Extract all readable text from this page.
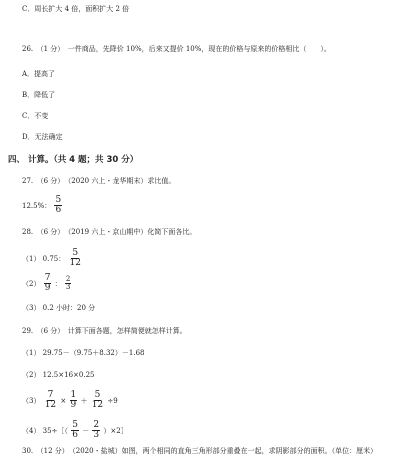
C．周长扩大 4 倍，面积扩大 2 倍
26.　（1 分）　一件商品，先降价 10%，后来又提价 10%，现在的价格与原来的价格相比（　　）。
A．提高了
B．降低了
C．不变
D．无法确定
四、 计算。（共 4 题；共 30 分）
27.　（6 分）　（2020 六上・龙华期末）求比值。
12.5%： $\frac{5}{6}$
28.　（6 分）　（2019 六上・京山期中）化简下面各比。
（1） 0.75： $\frac{5}{12}$
$(2) \frac{7}{9}$ ： $\frac{2}{3}$
（3） 0.2 小时：20 分
29.　（6 分）　计算下面各题，怎样简便就怎样计算。
（1） 29.75－（9.75＋8.32）－1.68
（2） 12.5×16×0.25
$(3) \frac{7}{12} \times \frac{1}{9} + \frac{5}{12} \div 9$
（4） 35÷［（ $\frac{5}{6} - \frac{2}{3}$ ）×2］
30.　（12 分）　（2020・盐城）如图，两个相同的直角三角形部分重叠在一起，求阴影部分的面积。（单位：厘米）
